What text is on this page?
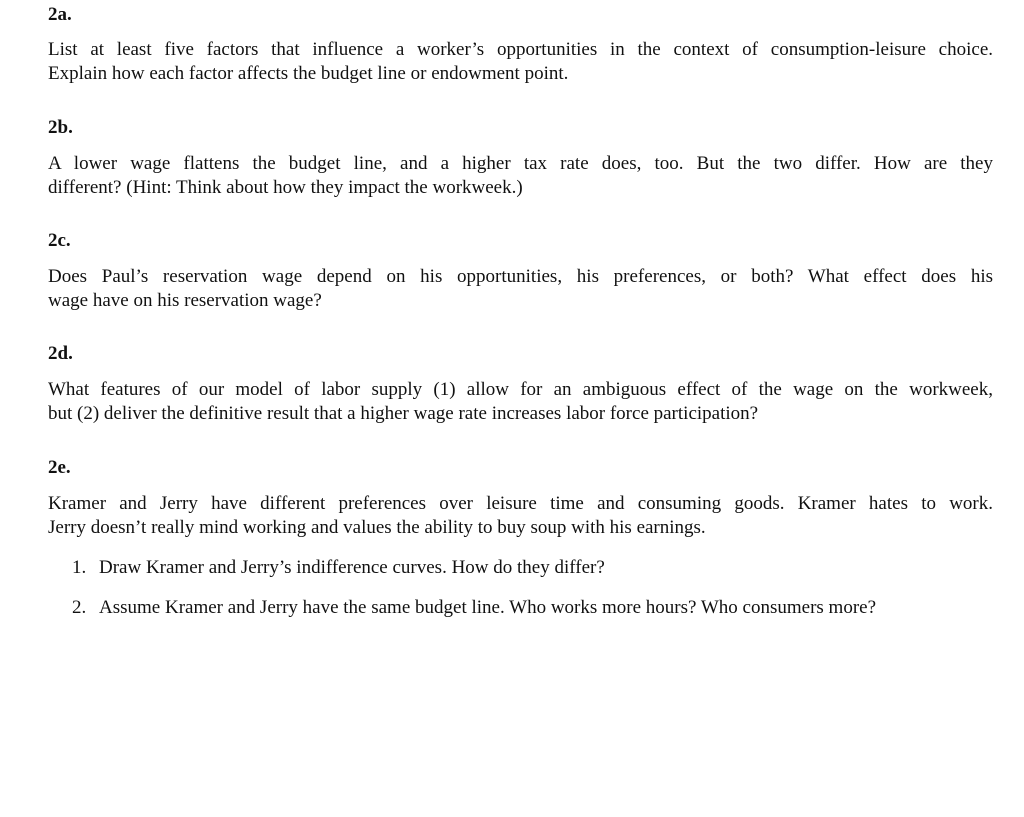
2a.

List at least five factors that influence a worker’s opportunities in the context of consumption-leisure choice.
Explain how each factor affects the budget line or endowment point.

2b.

A lower wage flattens the budget line, and a higher tax rate does, too. But the two differ. How are they
different? (Hint: Think about how they impact the workweek.)

2c.

Does Paul’s reservation wage depend on his opportunities, his preferences, or both? What effect does his
wage have on his reservation wage?

2d.

What features of our model of labor supply (1) allow for an ambiguous effect of the wage on the workweek,
but (2) deliver the definitive result that a higher wage rate increases labor force participation?

2e.

Kramer and Jerry have different preferences over leisure time and consuming goods. Kramer hates to work.
Jerry doesn’t really mind working and values the ability to buy soup with his earnings.

1. Draw Kramer and Jerry’s indifference curves. How do they differ?
2. Assume Kramer and Jerry have the same budget line. Who works more hours? Who consumers more?
